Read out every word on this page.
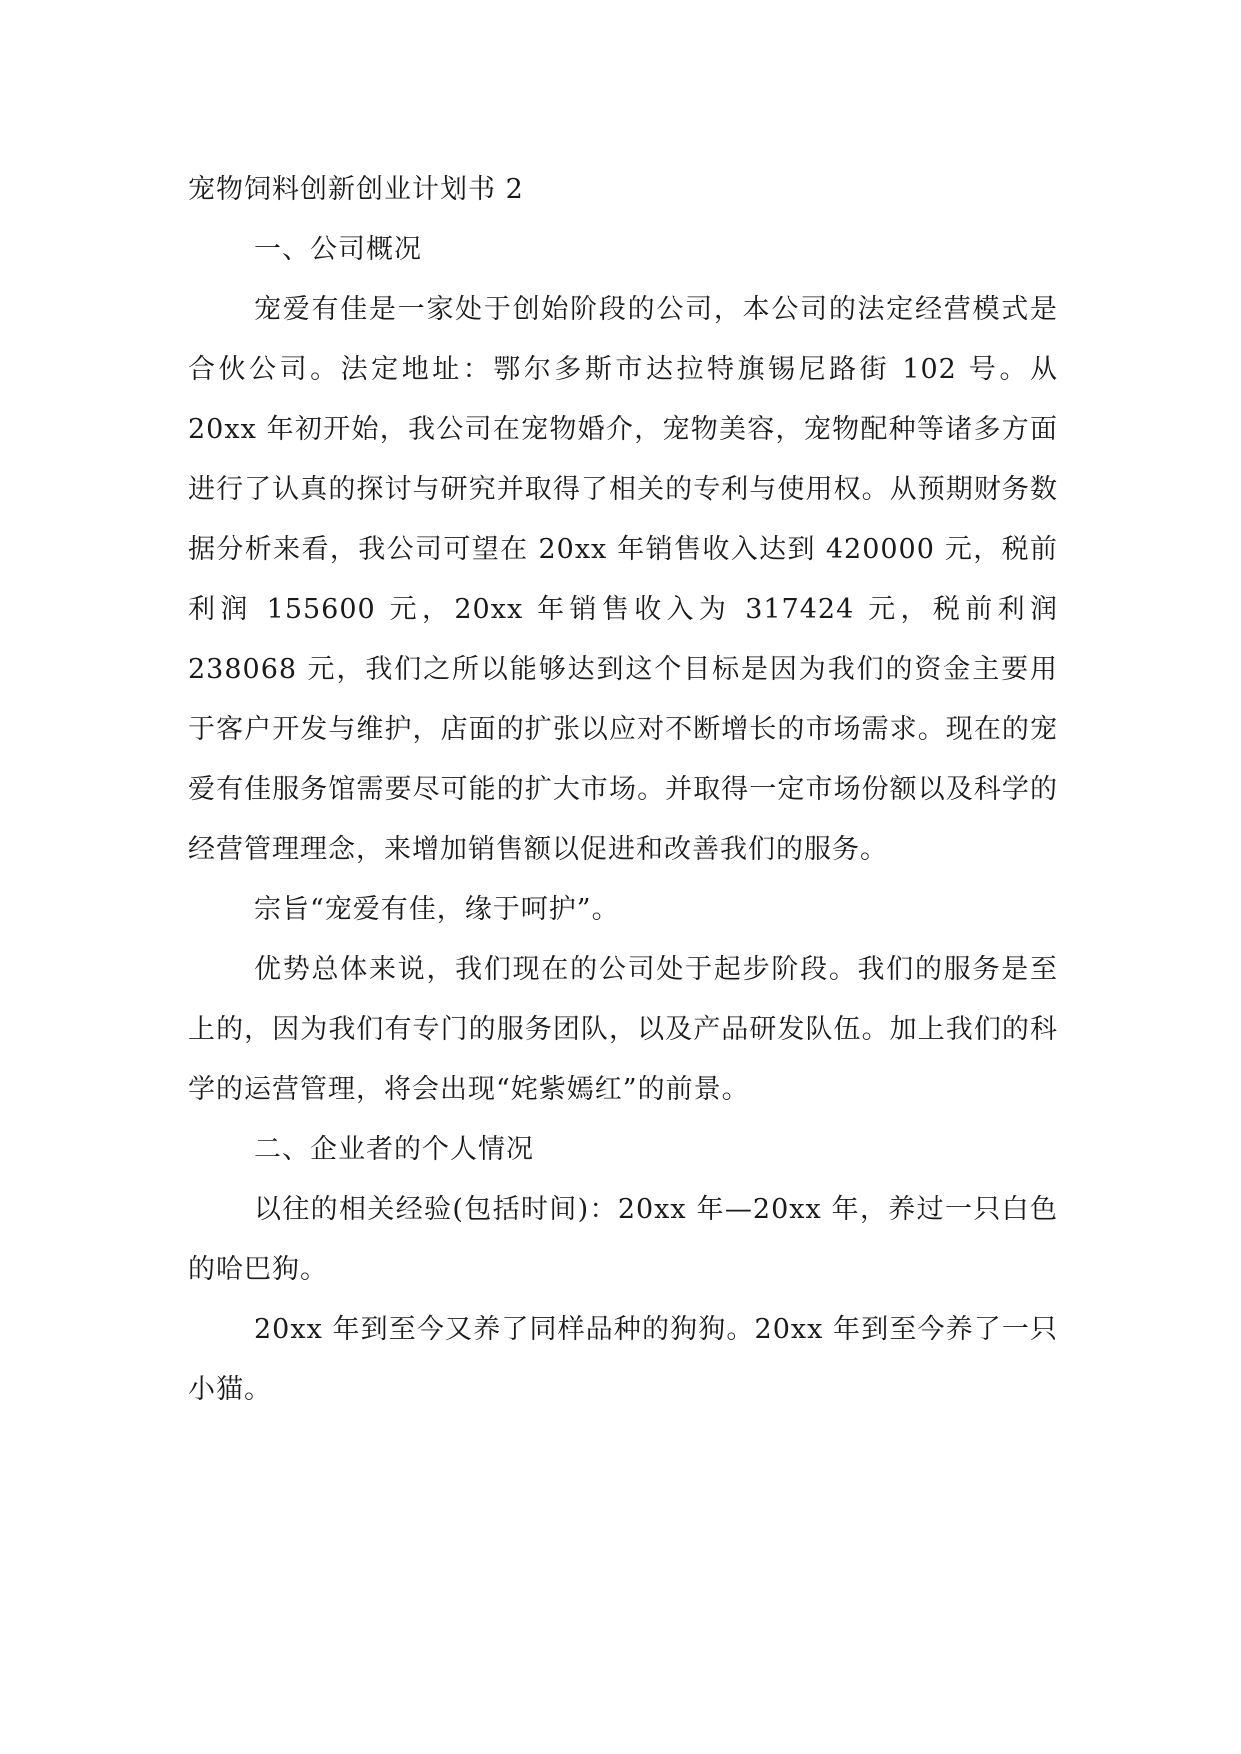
宠物饲料创新创业计划书 2

一、公司概况

宠爱有佳是一家处于创始阶段的公司，本公司的法定经营模式是合伙公司。法定地址：鄂尔多斯市达拉特旗锡尼路街 102 号。从 20xx 年初开始，我公司在宠物婚介，宠物美容，宠物配种等诸多方面进行了认真的探讨与研究并取得了相关的专利与使用权。从预期财务数据分析来看，我公司可望在 20xx 年销售收入达到 420000 元，税前利润 155600 元，20xx 年销售收入为 317424 元，税前利润 238068 元，我们之所以能够达到这个目标是因为我们的资金主要用于客户开发与维护，店面的扩张以应对不断增长的市场需求。现在的宠爱有佳服务馆需要尽可能的扩大市场。并取得一定市场份额以及科学的经营管理理念，来增加销售额以促进和改善我们的服务。

宗旨“宠爱有佳，缘于呵护”。

优势总体来说，我们现在的公司处于起步阶段。我们的服务是至上的，因为我们有专门的服务团队，以及产品研发队伍。加上我们的科学的运营管理，将会出现“姹紫嫣红”的前景。

二、企业者的个人情况

以往的相关经验(包括时间)：20xx 年—20xx 年，养过一只白色的哈巴狗。

20xx 年到至今又养了同样品种的狗狗。20xx 年到至今养了一只小猫。
